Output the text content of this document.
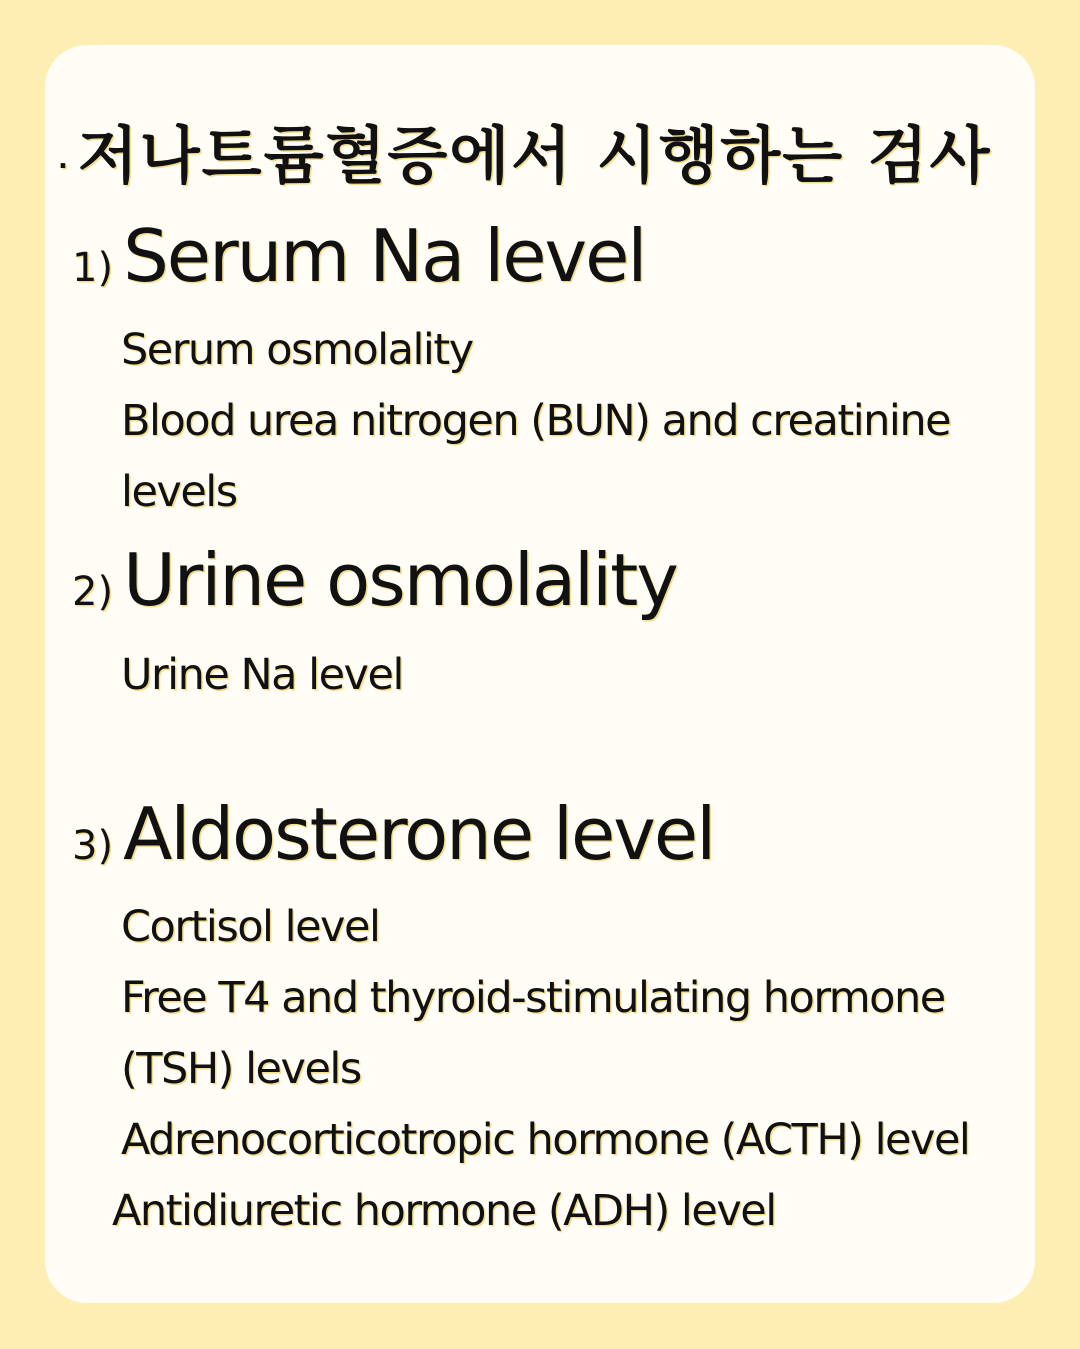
. 저나트륨혈증에서 시행하는 검사
1) Serum Na level
Serum osmolality
Blood urea nitrogen (BUN) and creatinine
levels
2) Urine osmolality
Urine Na level
3) Aldosterone level
Cortisol level
Free T4 and thyroid-stimulating hormone
(TSH) levels
Adrenocorticotropic hormone (ACTH) level
Antidiuretic hormone (ADH) level
